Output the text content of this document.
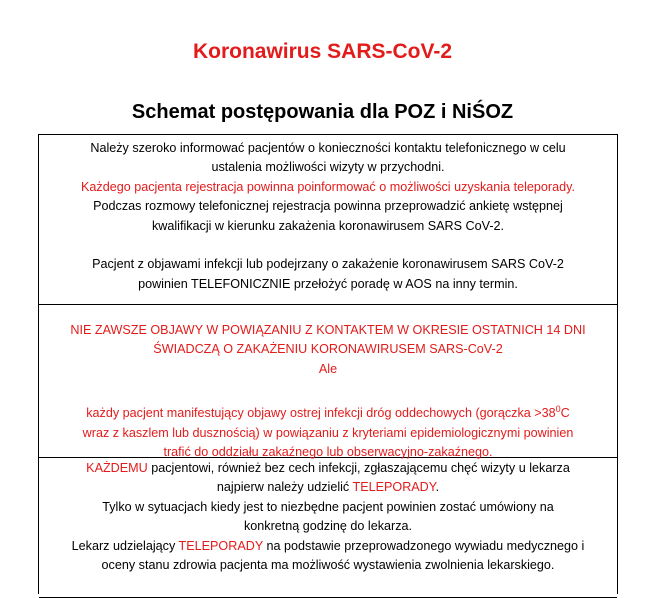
Koronawirus SARS-CoV-2
Schemat postępowania dla POZ i NiŚOZ

Należy szeroko informować pacjentów o konieczności kontaktu telefonicznego w celu

ustalenia możliwości wizyty w przychodni.

Każdego pacjenta rejestracja powinna poinformować o możliwości uzyskania teleporady.

Podczas rozmowy telefonicznej rejestracja powinna przeprowadzić ankietę wstępnej

kwalifikacji w kierunku zakażenia koronawirusem SARS CoV-2.

Pacjent z objawami infekcji lub podejrzany o zakażenie koronawirusem SARS CoV-2

powinien TELEFONICZNIE przełożyć poradę w AOS na inny termin.

NIE ZAWSZE OBJAWY W POWIĄZANIU Z KONTAKTEM W OKRESIE OSTATNICH 14 DNI

ŚWIADCZĄ O ZAKAŻENIU KORONAWIRUSEM SARS-CoV-2

Ale

każdy pacjent manifestujący objawy ostrej infekcji dróg oddechowych (gorączka $>38^0C$

wraz z kaszlem lub dusznością) w powiązaniu z kryteriami epidemiologicznymi powinien

trafić do oddziału zakaźnego lub obserwacyjno-zakaźnego.

KAŻDEMU pacjentowi, również bez cech infekcji, zgłaszającemu chęć wizyty u lekarza

najpierw należy udzielić TELEPORADY.

Tylko w sytuacjach kiedy jest to niezbędne pacjent powinien zostać umówiony na

konkretną godzinę do lekarza.

Lekarz udzielający TELEPORADY na podstawie przeprowadzonego wywiadu medycznego i

oceny stanu zdrowia pacjenta ma możliwość wystawienia zwolnienia lekarskiego.
